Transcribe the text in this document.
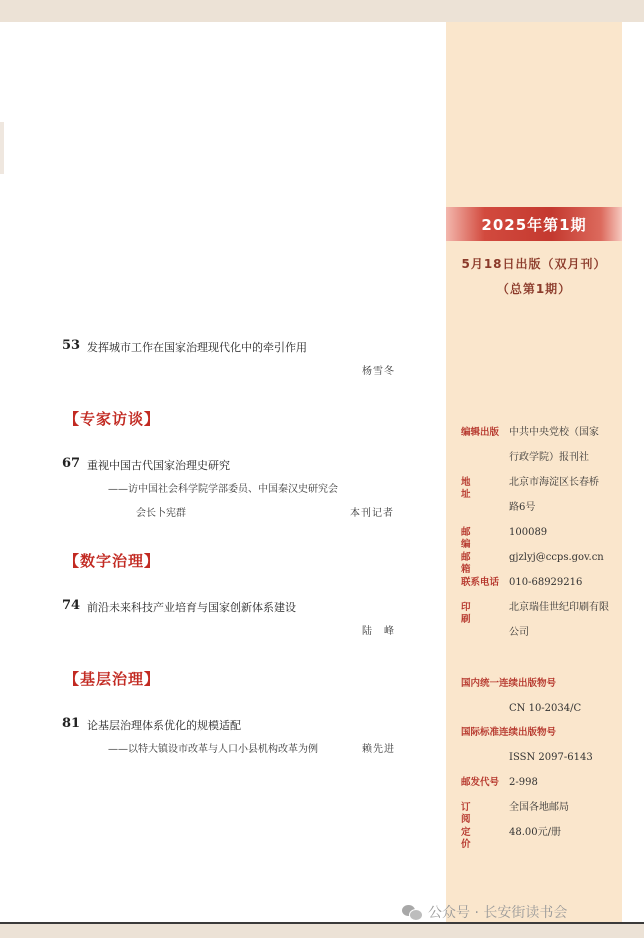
2025年第1期
5月18日出版（双月刊）
（总第1期）
编辑出版 中共中央党校（国家
行政学院）报刊社
地址
北京市海淀区长春桥
路6号
邮编
100089
邮箱
gjzlyj@ccps.gov.cn
联系电话 010-68929216
印刷
北京瑞佳世纪印刷有限
公司
国内统一连续出版物号
CN 10-2034/C
国际标准连续出版物号
ISSN 2097-6143
邮发代号 2-998
订阅
全国各地邮局
定价
48.00元/册
53 发挥城市工作在国家治理现代化中的牵引作用
杨雪冬
【专家访谈】
67 重视中国古代国家治理史研究
——访中国社会科学院学部委员、中国秦汉史研究会
会长卜宪群	本刊记者
【数字治理】
74 前沿未来科技产业培育与国家创新体系建设
陆　峰
【基层治理】
81 论基层治理体系优化的规模适配
——以特大镇设市改革与人口小县机构改革为例	赖先进
公众号 · 长安街读书会
